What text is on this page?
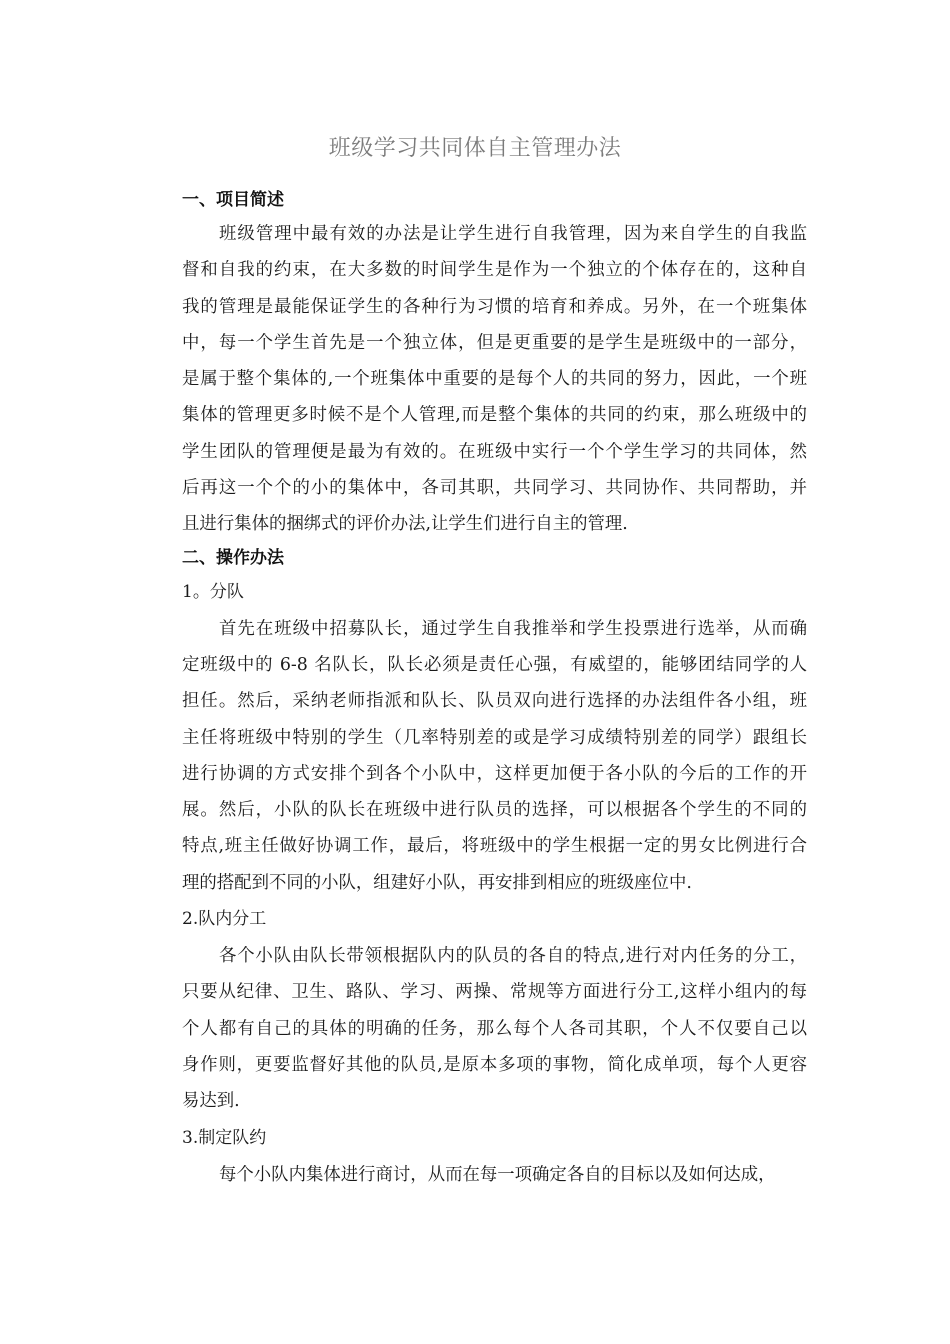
班级学习共同体自主管理办法
一、项目简述
班级管理中最有效的办法是让学生进行自我管理，因为来自学生的自我监
督和自我的约束，在大多数的时间学生是作为一个独立的个体存在的，这种自
我的管理是最能保证学生的各种行为习惯的培育和养成。另外，在一个班集体
中，每一个学生首先是一个独立体，但是更重要的是学生是班级中的一部分，
是属于整个集体的,一个班集体中重要的是每个人的共同的努力，因此，一个班
集体的管理更多时候不是个人管理,而是整个集体的共同的约束，那么班级中的
学生团队的管理便是最为有效的。在班级中实行一个个学生学习的共同体，然
后再这一个个的小的集体中，各司其职，共同学习、共同协作、共同帮助，并
且进行集体的捆绑式的评价办法,让学生们进行自主的管理.
二、操作办法
1。分队
首先在班级中招募队长，通过学生自我推举和学生投票进行选举，从而确
定班级中的 6-8 名队长，队长必须是责任心强，有威望的，能够团结同学的人
担任。然后，采纳老师指派和队长、队员双向进行选择的办法组件各小组，班
主任将班级中特别的学生（几率特别差的或是学习成绩特别差的同学）跟组长
进行协调的方式安排个到各个小队中，这样更加便于各小队的今后的工作的开
展。然后，小队的队长在班级中进行队员的选择，可以根据各个学生的不同的
特点,班主任做好协调工作，最后，将班级中的学生根据一定的男女比例进行合
理的搭配到不同的小队，组建好小队，再安排到相应的班级座位中.
2.队内分工
各个小队由队长带领根据队内的队员的各自的特点,进行对内任务的分工，
只要从纪律、卫生、路队、学习、两操、常规等方面进行分工,这样小组内的每
个人都有自己的具体的明确的任务，那么每个人各司其职，个人不仅要自己以
身作则，更要监督好其他的队员,是原本多项的事物，简化成单项，每个人更容
易达到.
3.制定队约
每个小队内集体进行商讨，从而在每一项确定各自的目标以及如何达成，
